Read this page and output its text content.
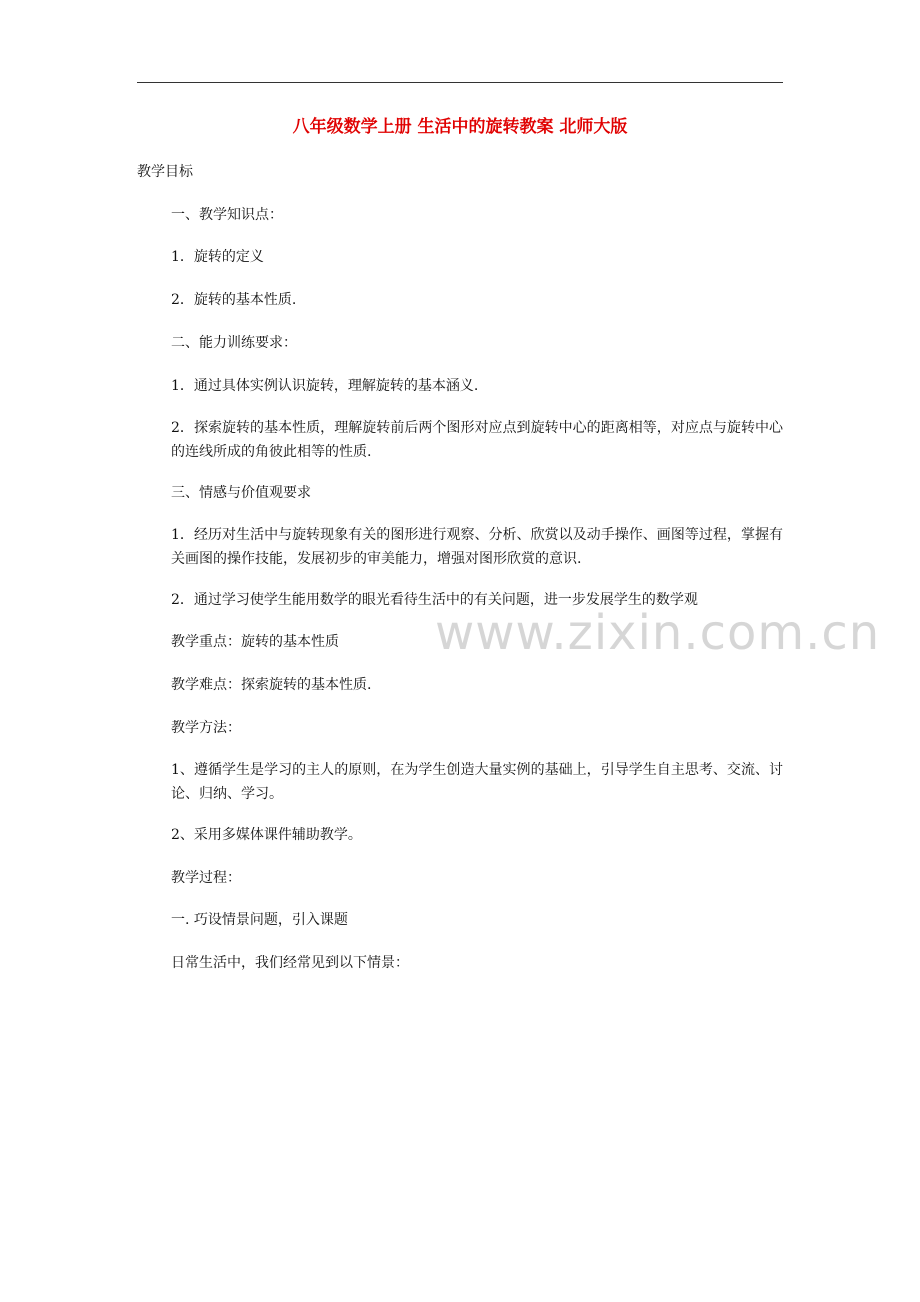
八年级数学上册 生活中的旋转教案 北师大版
教学目标
一、教学知识点：
1．旋转的定义
2．旋转的基本性质.
二、能力训练要求：
1．通过具体实例认识旋转，理解旋转的基本涵义.
2．探索旋转的基本性质，理解旋转前后两个图形对应点到旋转中心的距离相等，对应点与旋转中心的连线所成的角彼此相等的性质.
三、情感与价值观要求
1．经历对生活中与旋转现象有关的图形进行观察、分析、欣赏以及动手操作、画图等过程，掌握有关画图的操作技能，发展初步的审美能力，增强对图形欣赏的意识.
2．通过学习使学生能用数学的眼光看待生活中的有关问题，进一步发展学生的数学观
教学重点：旋转的基本性质
教学难点：探索旋转的基本性质.
教学方法：
1、遵循学生是学习的主人的原则，在为学生创造大量实例的基础上，引导学生自主思考、交流、讨论、归纳、学习。
2、采用多媒体课件辅助教学。
教学过程：
一. 巧设情景问题，引入课题
日常生活中，我们经常见到以下情景：
www.zixin.com.cn
